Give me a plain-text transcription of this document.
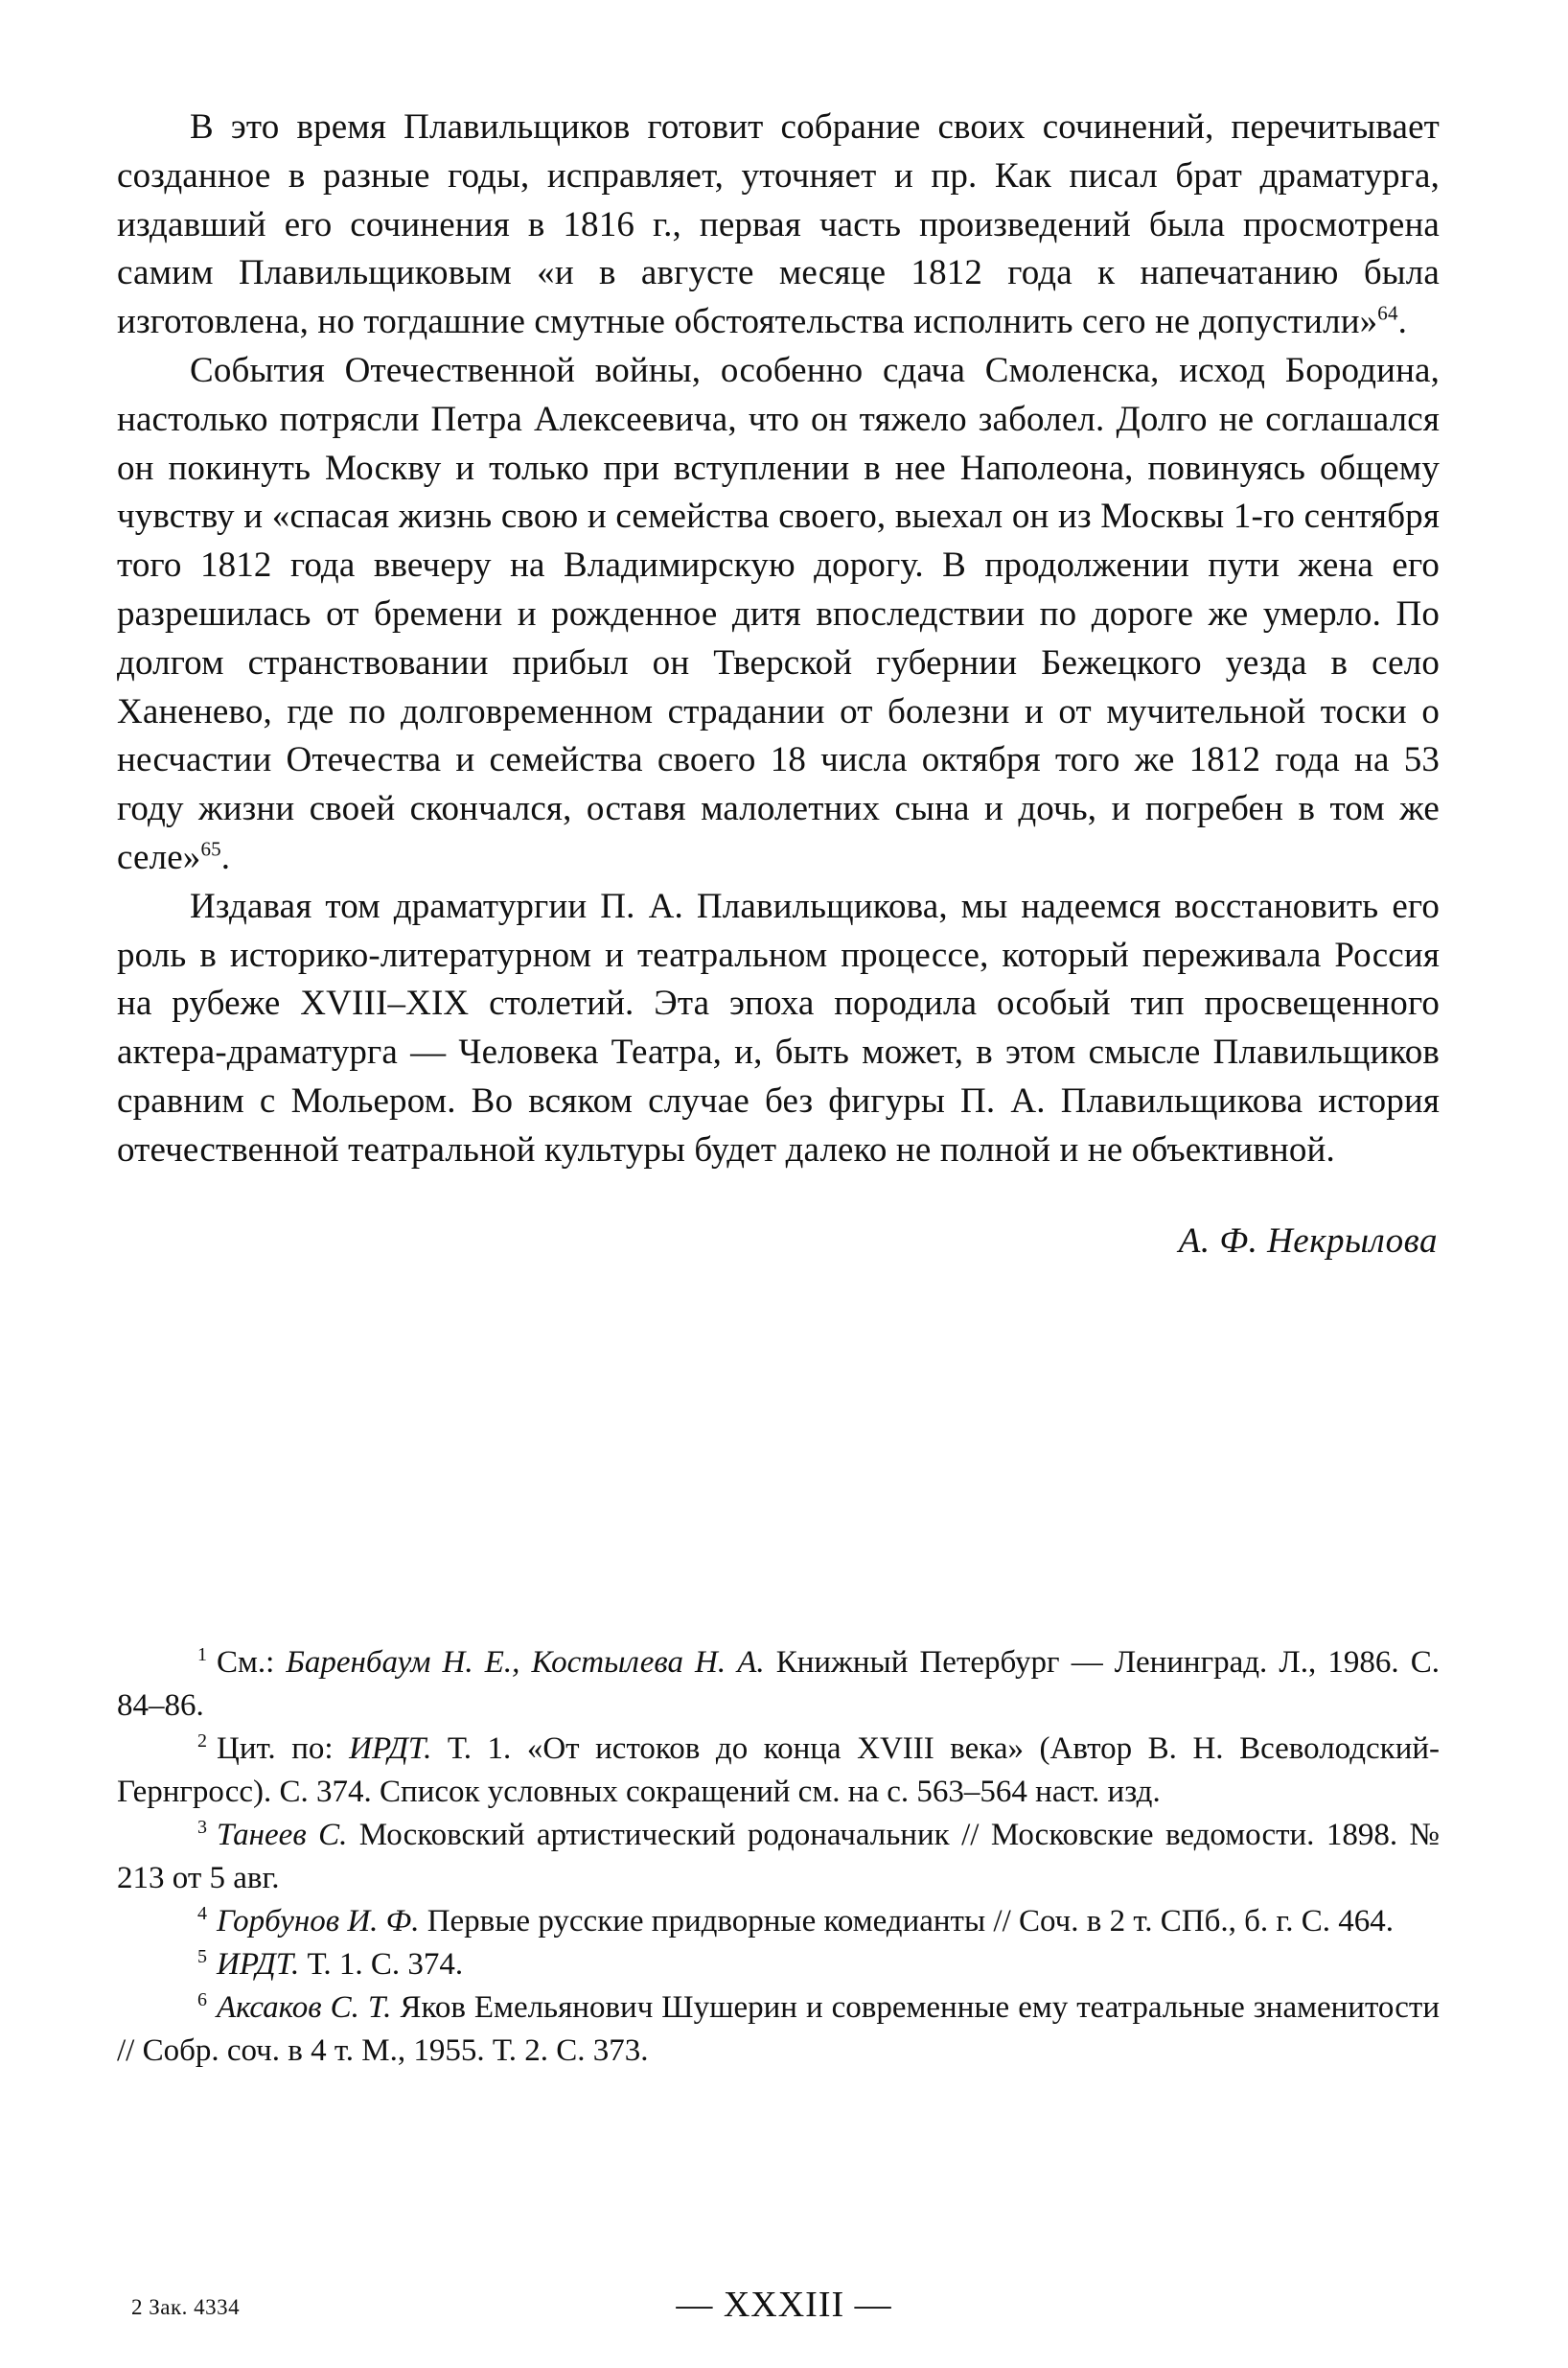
В это время Плавильщиков готовит собрание своих сочинений, перечитывает созданное в разные годы, исправляет, уточняет и пр. Как писал брат драматурга, издавший его сочинения в 1816 г., первая часть произведений была просмотрена самим Плавильщиковым «и в августе месяце 1812 года к напечатанию была изготовлена, но тогдашние смутные обстоятельства исполнить сего не допустили»$^{64}$.

События Отечественной войны, особенно сдача Смоленска, исход Бородина, настолько потрясли Петра Алексеевича, что он тяжело заболел. Долго не соглашался он покинуть Москву и только при вступлении в нее Наполеона, повинуясь общему чувству и «спасая жизнь свою и семейства своего, выехал он из Москвы 1-го сентября того 1812 года ввечеру на Владимирскую дорогу. В продолжении пути жена его разрешилась от бремени и рожденное дитя впоследствии по дороге же умерло. По долгом странствовании прибыл он Тверской губернии Бежецкого уезда в село Ханенево, где по долговременном страдании от болезни и от мучительной тоски о несчастии Отечества и семейства своего 18 числа октября того же 1812 года на 53 году жизни своей скончался, оставя малолетних сына и дочь, и погребен в том же селе»$^{65}$.

Издавая том драматургии П. А. Плавильщикова, мы надеемся восстановить его роль в историко-литературном и театральном процессе, который переживала Россия на рубеже XVIII–XIX столетий. Эта эпоха породила особый тип просвещенного актера-драматурга — Человека Театра, и, быть может, в этом смысле Плавильщиков сравним с Мольером. Во всяком случае без фигуры П. А. Плавильщикова история отечественной театральной культуры будет далеко не полной и не объективной.

А. Ф. Некрылова

$^1$ См.: Баренбаум Н. Е., Костылева Н. А. Книжный Петербург — Ленинград. Л., 1986. С. 84–86.

$^2$ Цит. по: ИРДТ. Т. 1. «От истоков до конца XVIII века» (Автор В. Н. Всеволодский-Гернгросс). С. 374. Список условных сокращений см. на с. 563–564 наст. изд.

$^3$ Танеев С. Московский артистический родоначальник // Московские ведомости. 1898. № 213 от 5 авг.

$^4$ Горбунов И. Ф. Первые русские придворные комедианты // Соч. в 2 т. СПб., б. г. С. 464.

$^5$ ИРДТ. Т. 1. С. 374.

$^6$ Аксаков С. Т. Яков Емельянович Шушерин и современные ему театральные знаменитости // Собр. соч. в 4 т. М., 1955. Т. 2. С. 373.

2 Зак. 4334	— XXXIII —
